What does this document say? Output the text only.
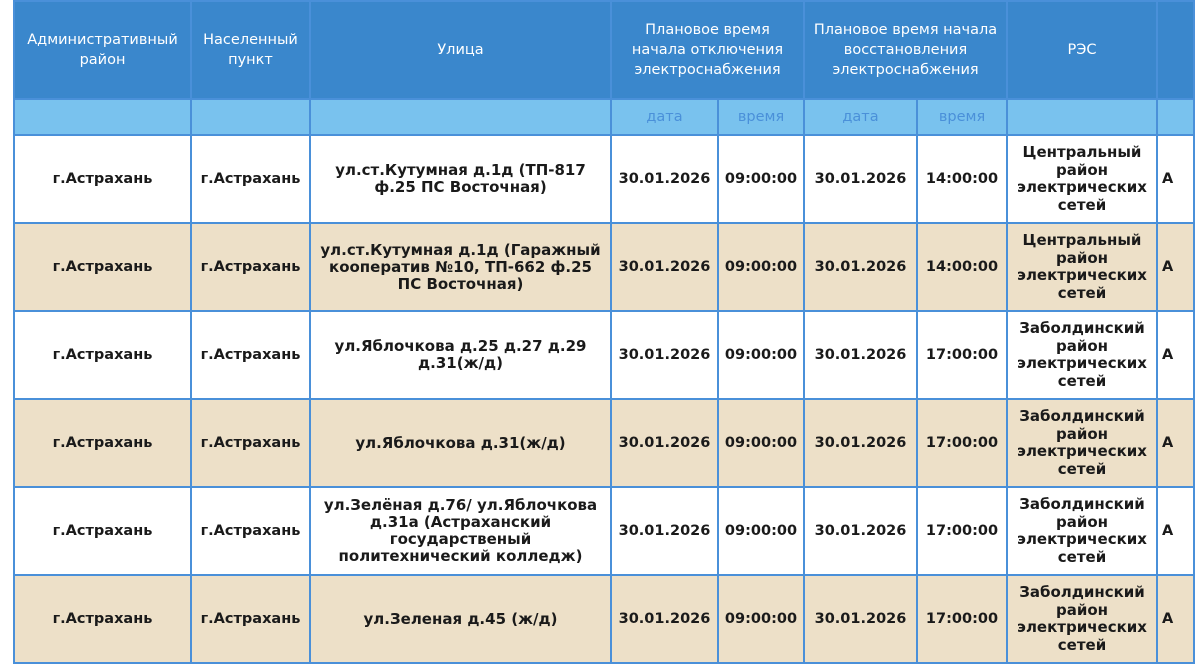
Административный район	Населенный пункт	Улица	Плановое время начала отключения электроснабжения		Плановое время начала восстановления электроснабжения		РЭС	
			дата	время	дата	время		
г.Астрахань	г.Астрахань	ул.ст.Кутумная д.1д (ТП-817 ф.25 ПС Восточная)	30.01.2026	09:00:00	30.01.2026	14:00:00	Центральный район электрических сетей	А
г.Астрахань	г.Астрахань	ул.ст.Кутумная д.1д (Гаражный кооператив №10, ТП-662 ф.25 ПС Восточная)	30.01.2026	09:00:00	30.01.2026	14:00:00	Центральный район электрических сетей	А
г.Астрахань	г.Астрахань	ул.Яблочкова д.25 д.27 д.29 д.31(ж/д)	30.01.2026	09:00:00	30.01.2026	17:00:00	Заболдинский район электрических сетей	А
г.Астрахань	г.Астрахань	ул.Яблочкова д.31(ж/д)	30.01.2026	09:00:00	30.01.2026	17:00:00	Заболдинский район электрических сетей	А
г.Астрахань	г.Астрахань	ул.Зелёная д.76/ ул.Яблочкова д.31а (Астраханский государственый политехнический колледж)	30.01.2026	09:00:00	30.01.2026	17:00:00	Заболдинский район электрических сетей	А
г.Астрахань	г.Астрахань	ул.Зеленая д.45 (ж/д)	30.01.2026	09:00:00	30.01.2026	17:00:00	Заболдинский район электрических сетей	А
